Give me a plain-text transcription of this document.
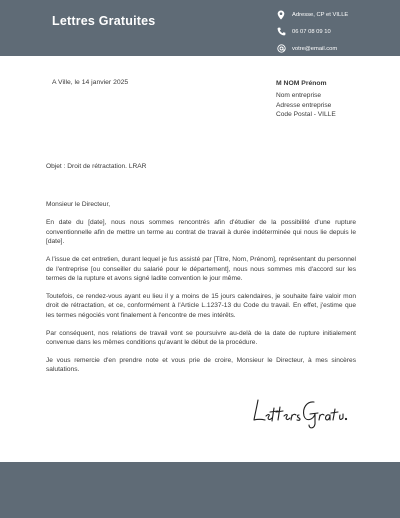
Lettres Gratuites	Adresse, CP et VILLE
06 07 08 09 10
votre@email.com
A Ville, le 14 janvier 2025	M NOM Prénom
Nom entreprise
Adresse entreprise
Code Postal - VILLE
Objet : Droit de rétractation. LRAR

Monsieur le Directeur,

En date du [date], nous nous sommes rencontrés afin d'étudier de la possibilité d'une rupture conventionnelle afin de mettre un terme au contrat de travail à durée indéterminée qui nous lie depuis le [date].

A l'issue de cet entretien, durant lequel je fus assisté par [Titre, Nom, Prénom], représentant du personnel de l'entreprise [ou conseiller du salarié pour le département], nous nous sommes mis d'accord sur les termes de la rupture et avons signé ladite convention le jour même.

Toutefois, ce rendez-vous ayant eu lieu il y a moins de 15 jours calendaires, je souhaite faire valoir mon droit de rétractation, et ce, conformément à l'Article L.1237-13 du Code du travail. En effet, j'estime que les termes négociés vont finalement à l'encontre de mes intérêts.

Par conséquent, nos relations de travail vont se poursuivre au-delà de la date de rupture initialement convenue dans les mêmes conditions qu'avant le début de la procédure.

Je vous remercie d'en prendre note et vous prie de croire, Monsieur le Directeur, à mes sincères salutations.
